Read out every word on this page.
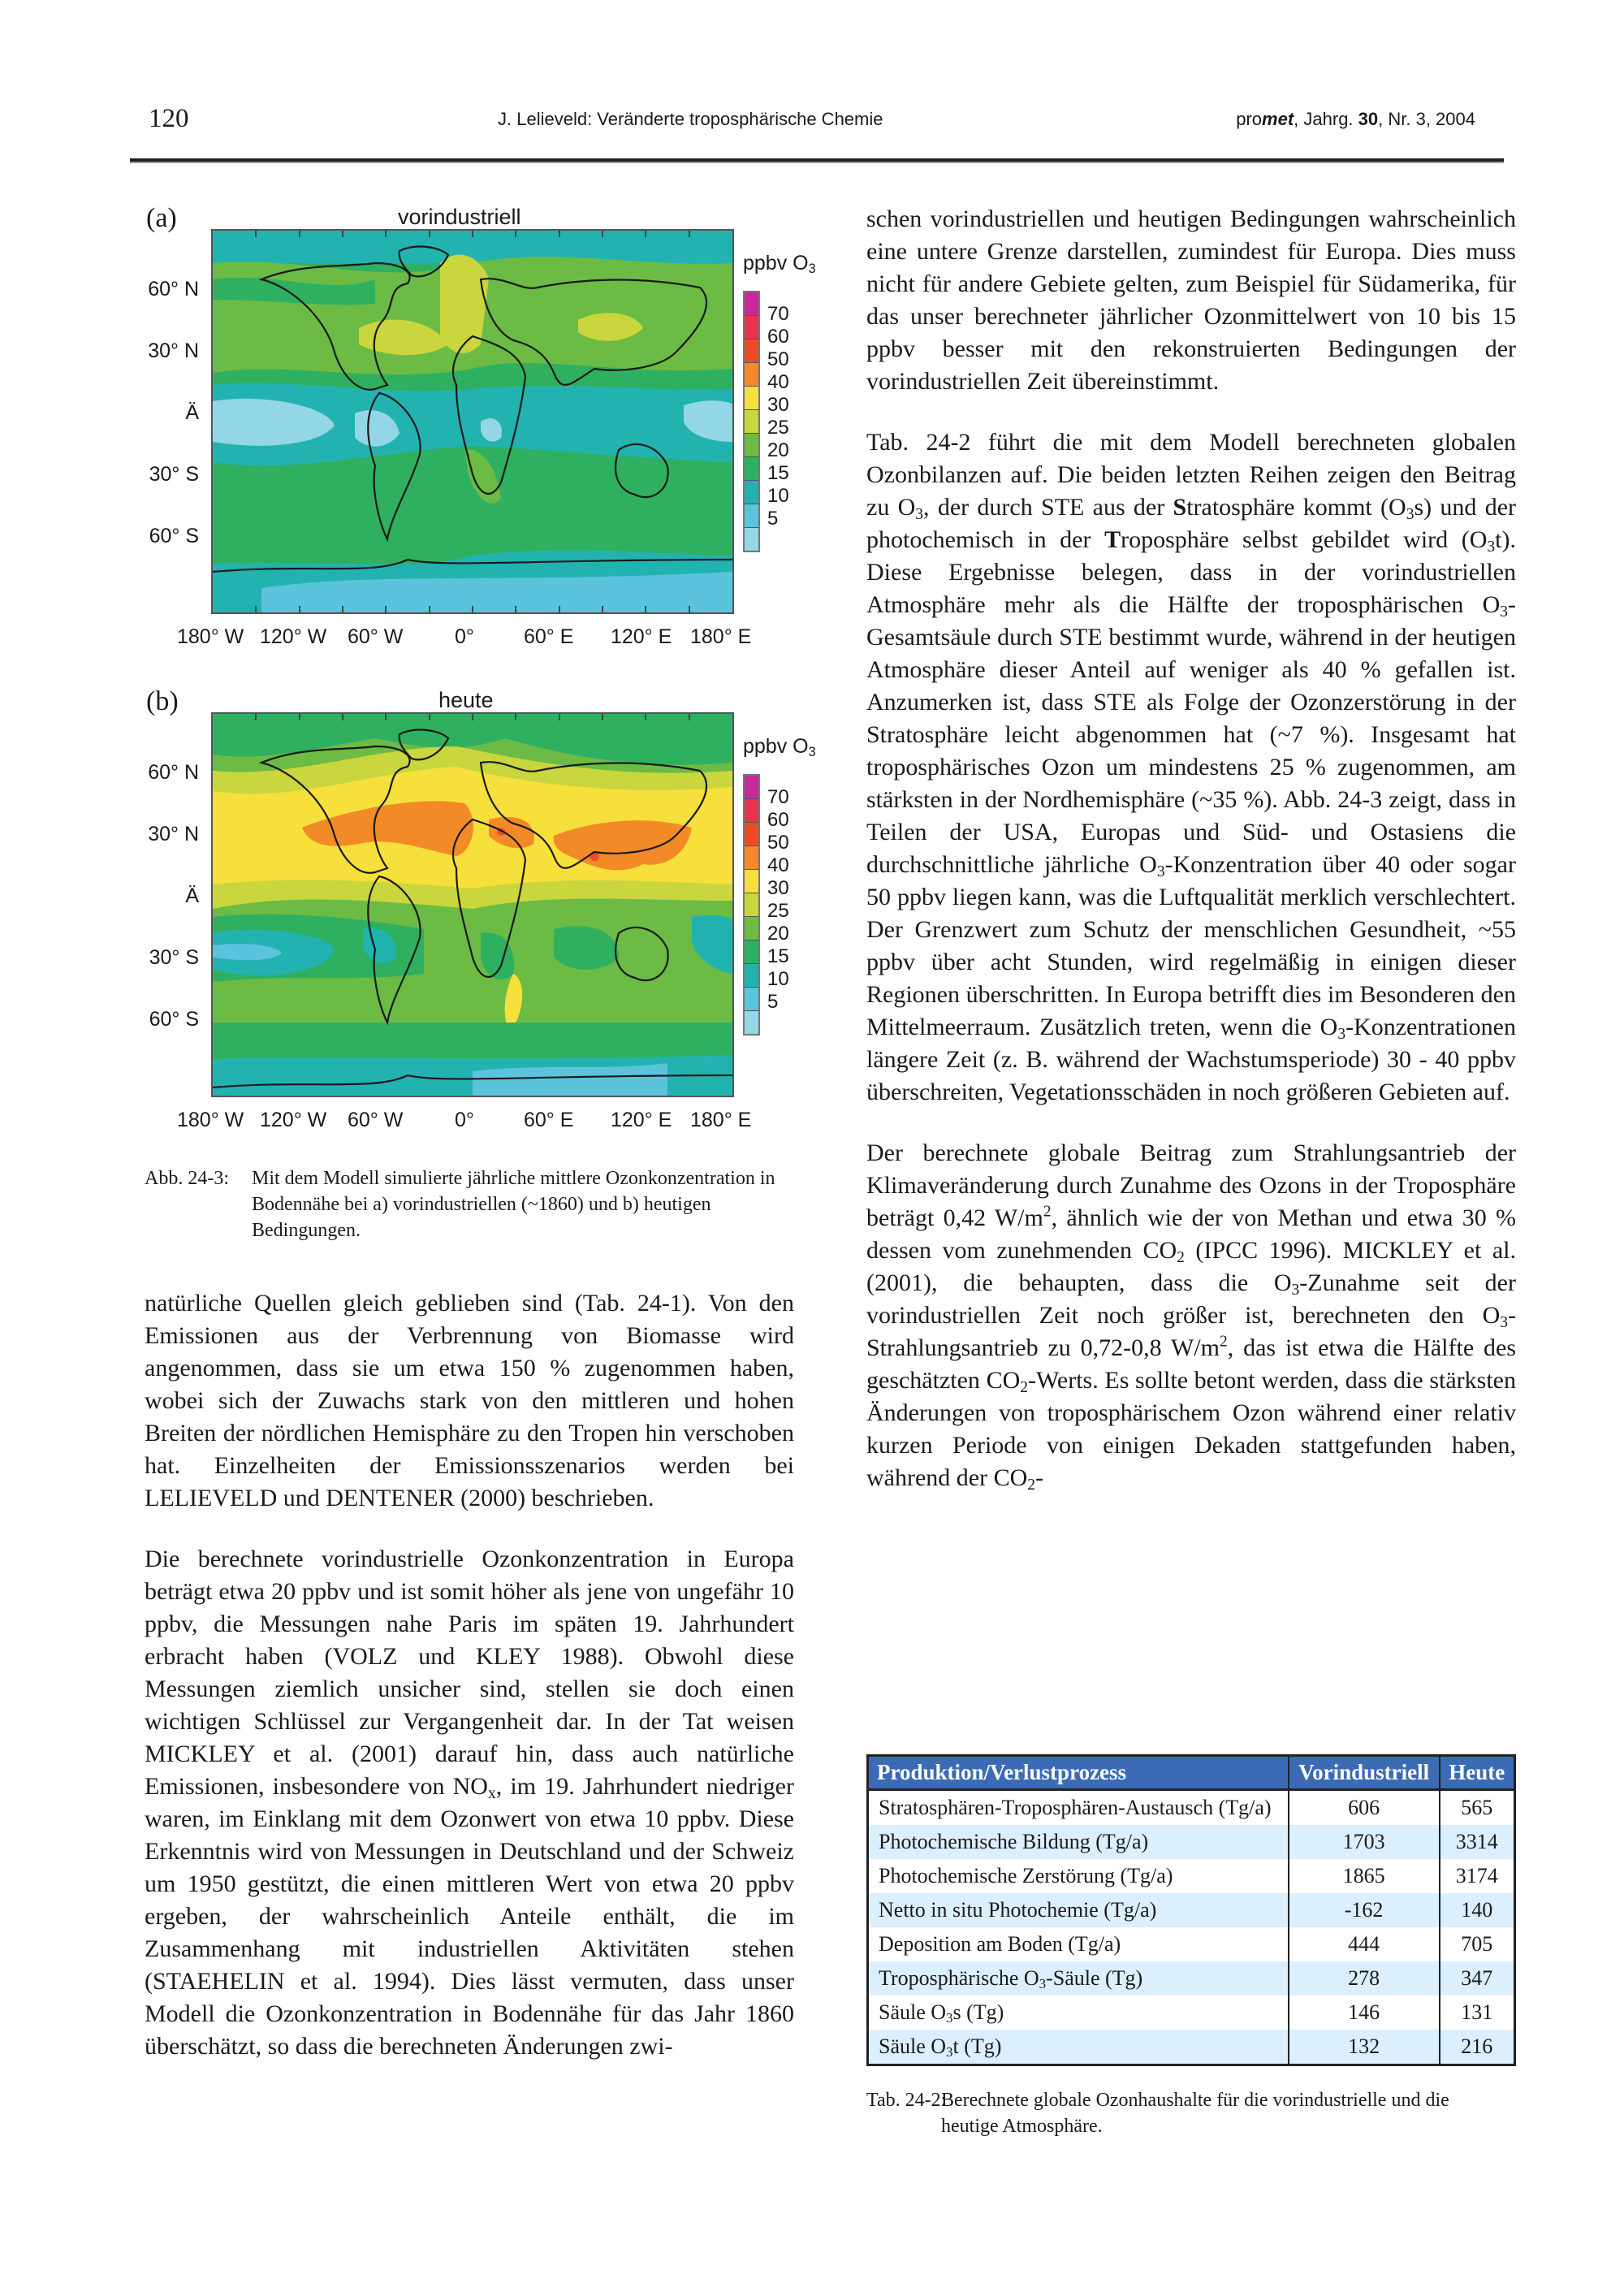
120	J. Lelieveld: Veränderte troposphärische Chemie	promet, Jahrg. 30, Nr. 3, 2004
(a)	vorindustriell
60° N
30° N
Ä
30° S
60° S
180° W 120° W 60° W	0° 60° E 120° E 180° E
ppbv $O_3$
70
60
50
40
30
25
20
15
10
5
(b)	heute
60° N
30° N
Ä
30° S
60° S
180° W 120° W 60° W	0° 60° E 120° E 180° E
ppbv $O_3$
70
60
50
40
30
25
20
15
10
5
Abb. 24-3: Mit dem Modell simulierte jährliche mittlere Ozonkonzentration in Bodennähe bei a) vorindustriellen (~1860) und b) heutigen Bedingungen.

natürliche Quellen gleich geblieben sind (Tab. 24-1). Von den Emissionen aus der Verbrennung von Biomasse wird angenommen, dass sie um etwa 150 % zugenommen haben, wobei sich der Zuwachs stark von den mittleren und hohen Breiten der nördlichen Hemisphäre zu den Tropen hin verschoben hat. Einzelheiten der Emissionsszenarios werden bei LELIEVELD und DENTENER (2000) beschrieben.

Die berechnete vorindustrielle Ozonkonzentration in Europa beträgt etwa 20 ppbv und ist somit höher als jene von ungefähr 10 ppbv, die Messungen nahe Paris im späten 19. Jahrhundert erbracht haben (VOLZ und KLEY 1988). Obwohl diese Messungen ziemlich unsicher sind, stellen sie doch einen wichtigen Schlüssel zur Vergangenheit dar. In der Tat weisen MICKLEY et al. (2001) darauf hin, dass auch natürliche Emissionen, insbesondere von $NO_x$, im 19. Jahrhundert niedriger waren, im Einklang mit dem Ozonwert von etwa 10 ppbv. Diese Erkenntnis wird von Messungen in Deutschland und der Schweiz um 1950 gestützt, die einen mittleren Wert von etwa 20 ppbv ergeben, der wahrscheinlich Anteile enthält, die im Zusammenhang mit industriellen Aktivitäten stehen (STAEHELIN et al. 1994). Dies lässt vermuten, dass unser Modell die Ozonkonzentration in Bodennähe für das Jahr 1860 überschätzt, so dass die berechneten Änderungen zwi-

schen vorindustriellen und heutigen Bedingungen wahrscheinlich eine untere Grenze darstellen, zumindest für Europa. Dies muss nicht für andere Gebiete gelten, zum Beispiel für Südamerika, für das unser berechneter jährlicher Ozonmittelwert von 10 bis 15 ppbv besser mit den rekonstruierten Bedingungen der vorindustriellen Zeit übereinstimmt.

Tab. 24-2 führt die mit dem Modell berechneten globalen Ozonbilanzen auf. Die beiden letzten Reihen zeigen den Beitrag zu $O_3$, der durch STE aus der Stratosphäre kommt $(O_3s)$ und der photochemisch in der Troposphäre selbst gebildet wird $(O_3t)$. Diese Ergebnisse belegen, dass in der vorindustriellen Atmosphäre mehr als die Hälfte der troposphärischen $O_3$-Gesamtsäule durch STE bestimmt wurde, während in der heutigen Atmosphäre dieser Anteil auf weniger als 40 % gefallen ist. Anzumerken ist, dass STE als Folge der Ozonzerstörung in der Stratosphäre leicht abgenommen hat (~7 %). Insgesamt hat troposphärisches Ozon um mindestens 25 % zugenommen, am stärksten in der Nordhemisphäre (~35 %). Abb. 24-3 zeigt, dass in Teilen der USA, Europas und Süd- und Ostasiens die durchschnittliche jährliche $O_3$-Konzentration über 40 oder sogar 50 ppbv liegen kann, was die Luftqualität merklich verschlechtert. Der Grenzwert zum Schutz der menschlichen Gesundheit, ~55 ppbv über acht Stunden, wird regelmäßig in einigen dieser Regionen überschritten. In Europa betrifft dies im Besonderen den Mittelmeerraum. Zusätzlich treten, wenn die $O_3$-Konzentrationen längere Zeit (z. B. während der Wachstumsperiode) 30 - 40 ppbv überschreiten, Vegetationsschäden in noch größeren Gebieten auf.

Der berechnete globale Beitrag zum Strahlungsantrieb der Klimaveränderung durch Zunahme des Ozons in der Troposphäre beträgt 0,42 $W/m^2$, ähnlich wie der von Methan und etwa 30 % dessen vom zunehmenden $CO_2$ (IPCC 1996). MICKLEY et al. (2001), die behaupten, dass die $O_3$-Zunahme seit der vorindustriellen Zeit noch größer ist, berechneten den $O_3$-Strahlungsantrieb zu 0,72-0,8 $W/m^2$, das ist etwa die Hälfte des geschätzten $CO_2$-Werts. Es sollte betont werden, dass die stärksten Änderungen von troposphärischem Ozon während einer relativ kurzen Periode von einigen Dekaden stattgefunden haben, während der $CO_2-$

Produktion/Verlustprozess	Vorindustriell	Heute
Stratosphären-Troposphären-Austausch (Tg/a)	606	565
Photochemische Bildung (Tg/a)	1703	3314
Photochemische Zerstörung (Tg/a)	1865	3174
Netto in situ Photochemie (Tg/a)	-162	140
Deposition am Boden (Tg/a)	444	705
Troposphärische $O_3$-Säule (Tg)	278	347
Säule $O_3s$ (Tg)	146	131
Säule $O_3t$ (Tg)	132	216
Tab. 24-2:
Berechnete globale Ozonhaushalte für die vorindustrielle und die heutige Atmosphäre.
